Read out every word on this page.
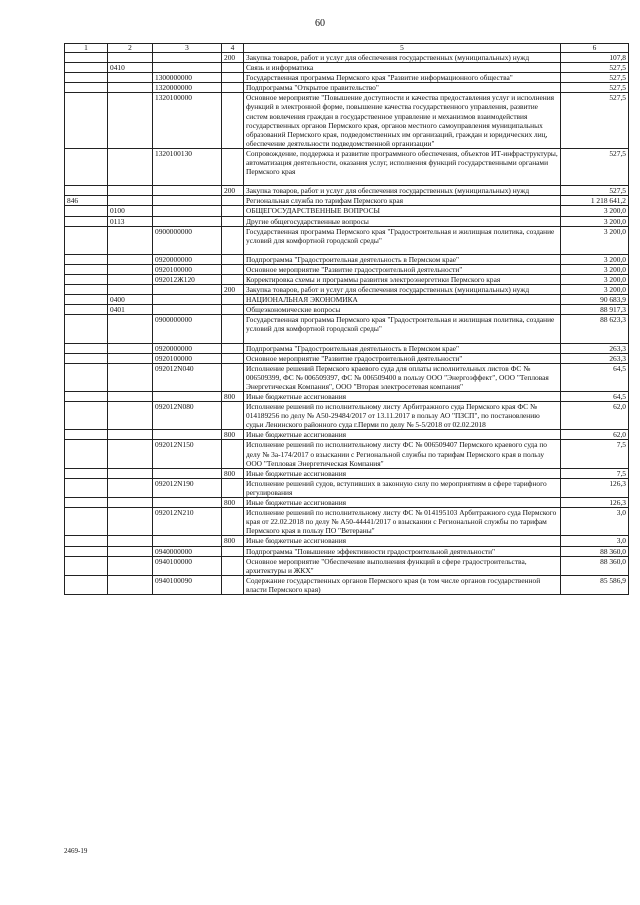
60
1	2	3	4	5	6
			200	Закупка товаров, работ и услуг для обеспечения государственных (муниципальных) нужд	107,8
	0410			Связь и информатика	527,5
		1300000000		Государственная программа Пермского края "Развитие информационного общества"	527,5
		1320000000		Подпрограмма "Открытое правительство"	527,5
		1320100000		Основное мероприятие "Повышение доступности и качества предоставления услуг и исполнения функций в электронной форме, повышение качества государственного управления, развитие систем вовлечения граждан в государственное управление и механизмов взаимодействия государственных органов Пермского края, органов местного самоуправления муниципальных образований Пермского края, подведомственных им организаций, граждан и юридических лиц, обеспечение деятельности подведомственной организации"	527,5
		1320100130		Сопровождение, поддержка и развитие программного обеспечения, объектов ИТ-инфраструктуры, автоматизация деятельности, оказания услуг, исполнения функций государственными органами Пермского края	527,5
			200	Закупка товаров, работ и услуг для обеспечения государственных (муниципальных) нужд	527,5
846				Региональная служба по тарифам Пермского края	1 218 641,2
	0100			ОБЩЕГОСУДАРСТВЕННЫЕ ВОПРОСЫ	3 200,0
	0113			Другие общегосударственные вопросы	3 200,0
		0900000000		Государственная программа Пермского края "Градостроительная и жилищная политика, создание условий для комфортной городской среды"	3 200,0
		0920000000		Подпрограмма "Градостроительная деятельность в Пермском крае"	3 200,0
		0920100000		Основное мероприятие "Развитие градостроительной деятельности"	3 200,0
		092012Ж120		Корректировка схемы и программы развития электроэнергетики Пермского края	3 200,0
			200	Закупка товаров, работ и услуг для обеспечения государственных (муниципальных) нужд	3 200,0
	0400			НАЦИОНАЛЬНАЯ ЭКОНОМИКА	90 683,9
	0401			Общеэкономические вопросы	88 917,3
		0900000000		Государственная программа Пермского края "Градостроительная и жилищная политика, создание условий для комфортной городской среды"	88 623,3
		0920000000		Подпрограмма "Градостроительная деятельность в Пермском крае"	263,3
		0920100000		Основное мероприятие "Развитие градостроительной деятельности"	263,3
		092012N040		Исполнение решений Пермского краевого суда для оплаты исполнительных листов ФС № 006509399, ФС № 006509397, ФС № 006509400 в пользу ООО "Энергоэффект", ООО "Тепловая Энергетическая Компания", ООО "Вторая электросетевая компания"	64,5
			800	Иные бюджетные ассигнования	64,5
		092012N080		Исполнение решений по исполнительному листу Арбитражного суда Пермского края ФС № 014189256 по делу № А50-29484/2017 от 13.11.2017 в пользу АО "ПЗСП", по постановлению судьи Ленинского районного суда г.Перми по делу № 5-5/2018 от 02.02.2018	62,0
			800	Иные бюджетные ассигнования	62,0
		092012N150		Исполнение решений по исполнительному листу ФС № 006509407 Пермского краевого суда по делу № 3а-174/2017 о взыскании с Региональной службы по тарифам Пермского края в пользу ООО "Тепловая Энергетическая Компания"	7,5
			800	Иные бюджетные ассигнования	7,5
		092012N190		Исполнение решений судов, вступивших в законную силу по мероприятиям в сфере тарифного регулирования	126,3
			800	Иные бюджетные ассигнования	126,3
		092012N210		Исполнение решений по исполнительному листу ФС № 014195103 Арбитражного суда Пермского края от 22.02.2018 по делу № А50-44441/2017 о взыскании с Региональной службы по тарифам Пермского края в пользу ПО "Ветераны"	3,0
			800	Иные бюджетные ассигнования	3,0
		0940000000		Подпрограмма "Повышение эффективности градостроительной деятельности"	88 360,0
		0940100000		Основное мероприятие "Обеспечение выполнения функций в сфере градостроительства, архитектуры и ЖКХ"	88 360,0
		0940100090		Содержание государственных органов Пермского края (в том числе органов государственной власти Пермского края)	85 586,9
2469-19
